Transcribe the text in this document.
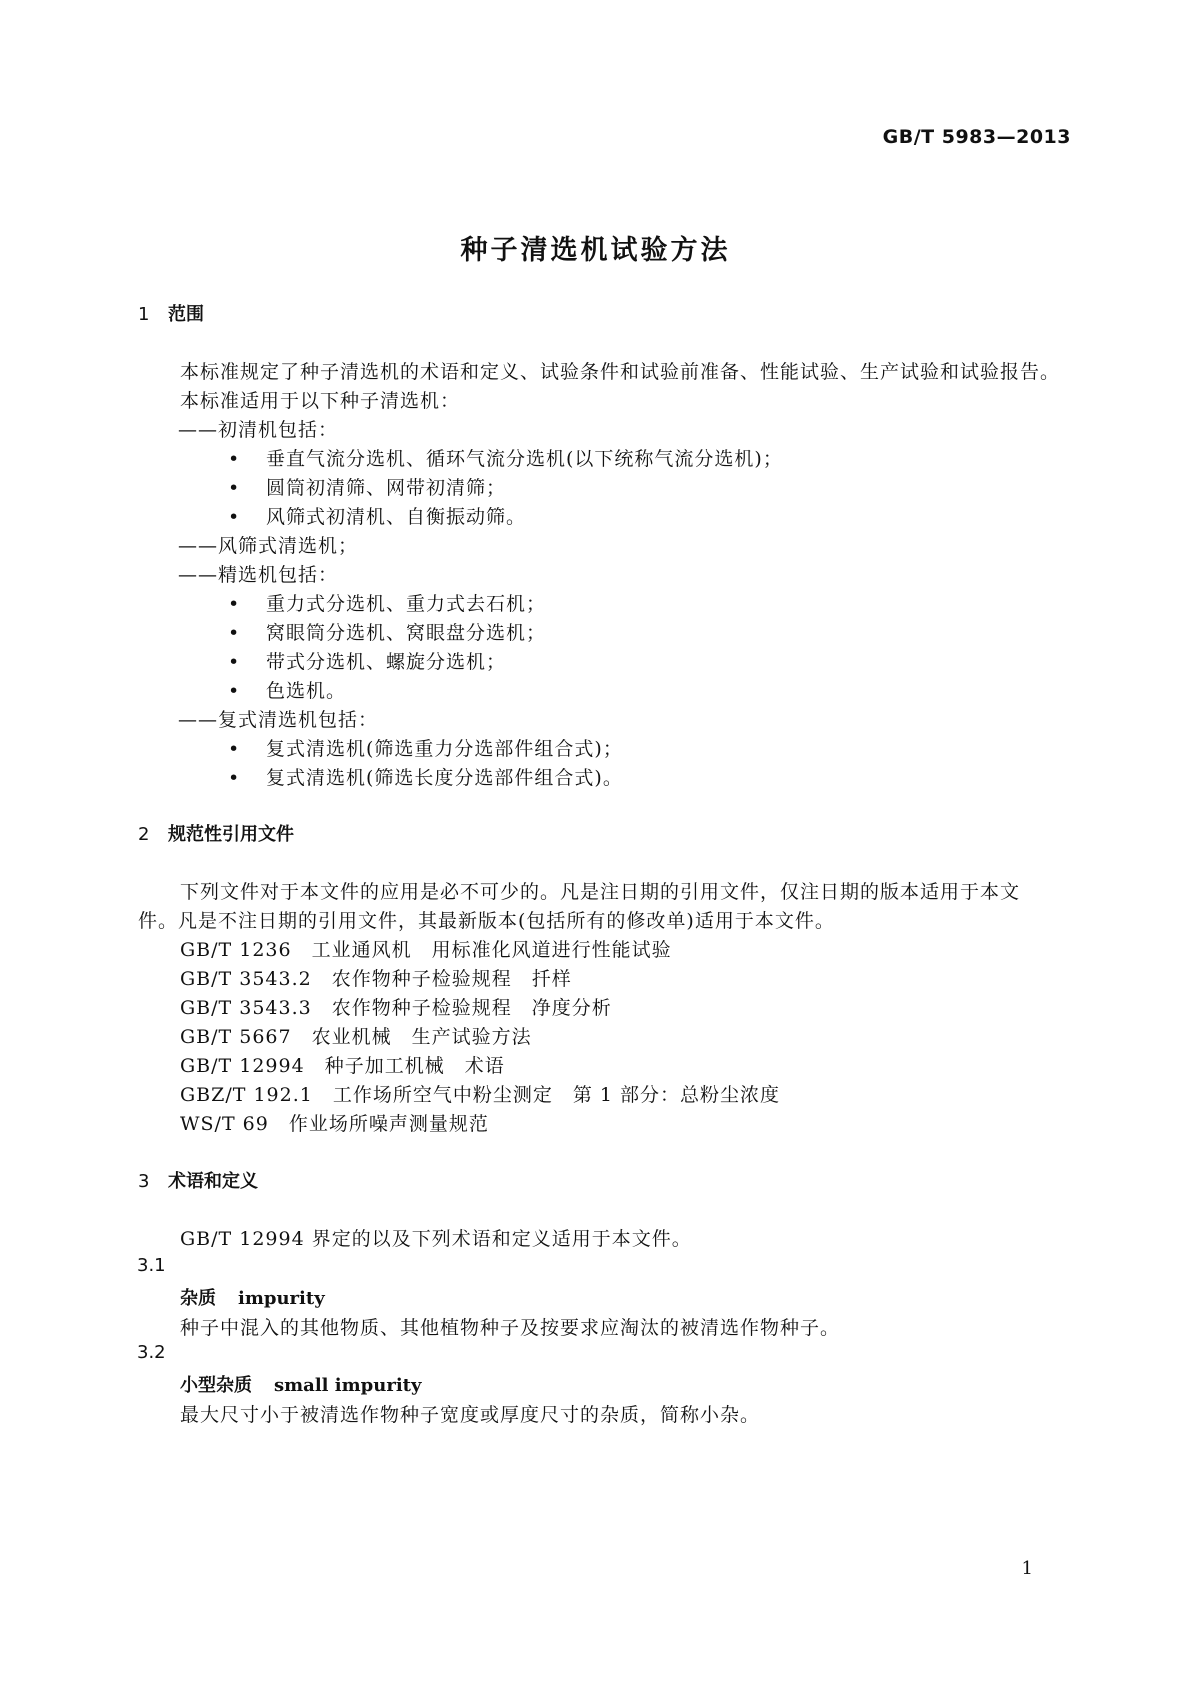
GB/T 5983—2013
种子清选机试验方法
1 范围
本标准规定了种子清选机的术语和定义、试验条件和试验前准备、性能试验、生产试验和试验报告。
本标准适用于以下种子清选机：
——初清机包括：
• 垂直气流分选机、循环气流分选机(以下统称气流分选机)；
• 圆筒初清筛、网带初清筛；
• 风筛式初清机、自衡振动筛。
——风筛式清选机；
——精选机包括：
• 重力式分选机、重力式去石机；
• 窝眼筒分选机、窝眼盘分选机；
• 带式分选机、螺旋分选机；
• 色选机。
——复式清选机包括：
• 复式清选机(筛选重力分选部件组合式)；
• 复式清选机(筛选长度分选部件组合式)。
2 规范性引用文件
下列文件对于本文件的应用是必不可少的。凡是注日期的引用文件，仅注日期的版本适用于本文
件。凡是不注日期的引用文件，其最新版本(包括所有的修改单)适用于本文件。
GB/T 1236　工业通风机　用标准化风道进行性能试验
GB/T 3543.2　农作物种子检验规程　扦样
GB/T 3543.3　农作物种子检验规程　净度分析
GB/T 5667　农业机械　生产试验方法
GB/T 12994　种子加工机械　术语
GBZ/T 192.1　工作场所空气中粉尘测定　第 1 部分：总粉尘浓度
WS/T 69　作业场所噪声测量规范
3 术语和定义
GB/T 12994 界定的以及下列术语和定义适用于本文件。
3.1
杂质 impurity
种子中混入的其他物质、其他植物种子及按要求应淘汰的被清选作物种子。
3.2
小型杂质 small impurity
最大尺寸小于被清选作物种子宽度或厚度尺寸的杂质，简称小杂。
1
